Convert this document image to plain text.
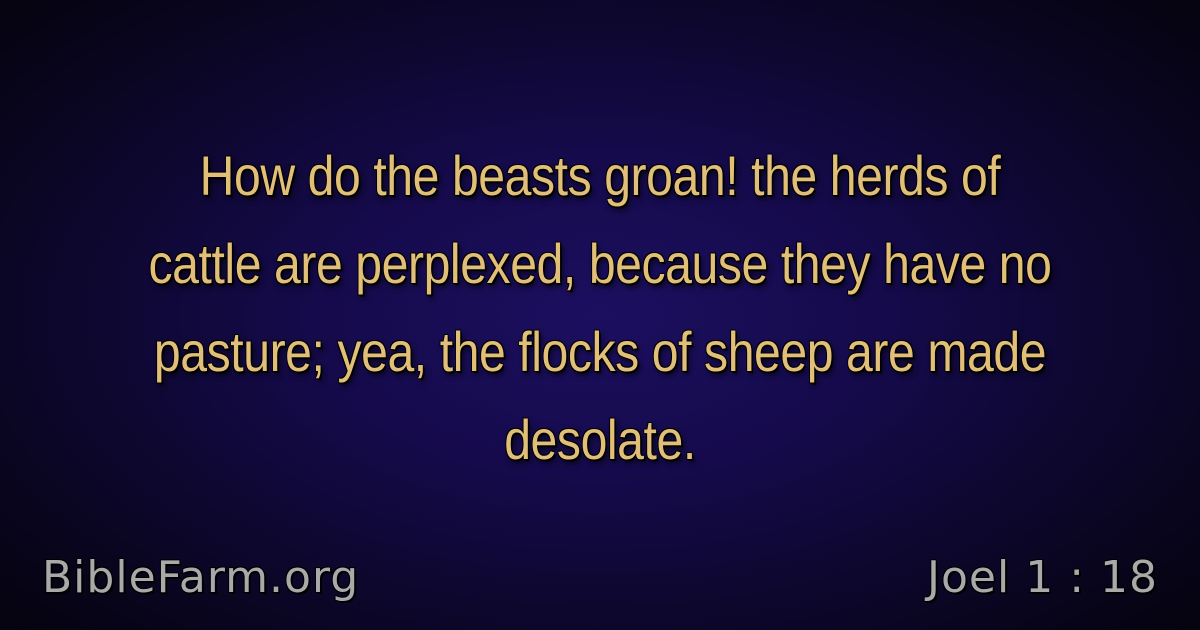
How do the beasts groan! the herds of
cattle are perplexed, because they have no
pasture; yea, the flocks of sheep are made
desolate.
BibleFarm.org	Joel 1 : 18
